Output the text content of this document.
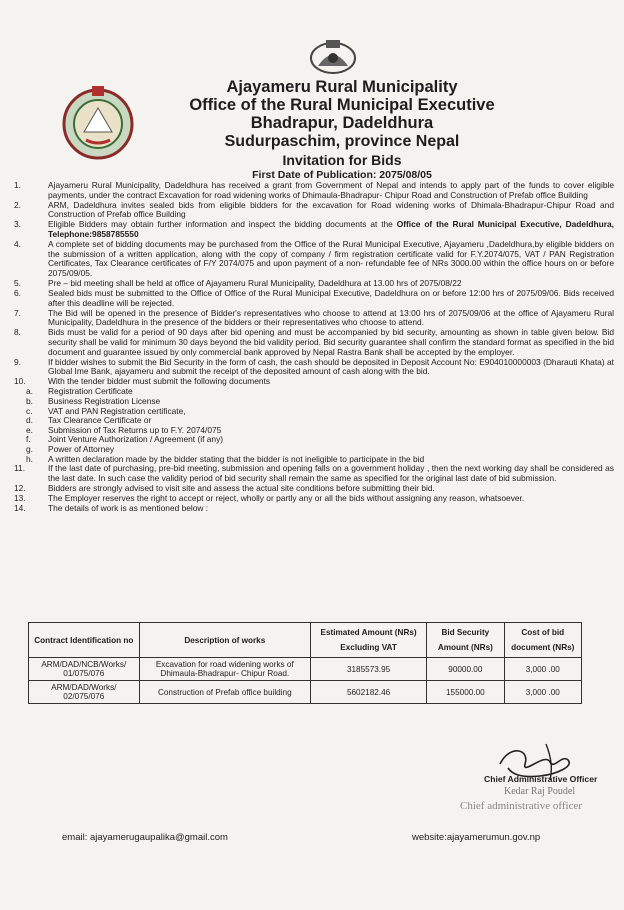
Ajayameru Rural Municipality
Office of the Rural Municipal Executive
Bhadrapur, Dadeldhura
Sudurpaschim, province Nepal
Invitation for Bids
First Date of Publication: 2075/08/05
1.	Ajayameru Rural Municipality, Dadeldhura has received a grant from Government of Nepal and intends to apply part of the funds to cover eligible payments, under the contract Excavation for road widening works of Dhimaula-Bhadrapur- Chipur Road and Construction of Prefab office Building
2.	ARM, Dadeldhura invites sealed bids from eligible bidders for the excavation for Road widening works of Dhimala-Bhadrapur-Chipur Road and Construction of Prefab office Building
3.	Eligible Bidders may obtain further information and inspect the bidding documents at the Office of the Rural Municipal Executive, Dadeldhura, Telephone:9858785550
4.	A complete set of bidding documents may be purchased from the Office of the Rural Municipal Executive, Ajayameru ,Dadeldhura,by eligible bidders on the submission of a written application, along with the copy of company / firm registration certificate valid for F.Y.2074/075, VAT / PAN Registration Certificates, Tax Clearance certificates of F/Y 2074/075 and upon payment of a non- refundable fee of NRs 3000.00 within the office hours on or before 2075/09/05.
5.	Pre – bid meeting shall be held at office of Ajayameru Rural Municipality, Dadeldhura at 13.00 hrs of 2075/08/22
6.	Sealed bids must be submitted to the Office of Office of the Rural Municipal Executive, Dadeldhura on or before 12:00 hrs of 2075/09/06. Bids received after this deadline will be rejected.
7.	The Bid will be opened in the presence of Bidder's representatives who choose to attend at 13:00 hrs of 2075/09/06 at the office of Ajayameru Rural Municipality, Dadeldhura in the presence of the bidders or their representatives who choose to attend.
8.	Bids must be valid for a period of 90 days after bid opening and must be accompanied by bid security, amounting as shown in table given below. Bid security shall be valid for minimum 30 days beyond the bid validity period. Bid security guarantee shall confirm the standard format as specified in the bid document and guarantee issued by only commercial bank approved by Nepal Rastra Bank shall be accepted by the employer.
9.	If bidder wishes to submit the Bid Security in the form of cash, the cash should be deposited in Deposit Account No: E904010000003 (Dharauti Khata) at Global Ime Bank, ajayameru and submit the receipt of the deposited amount of cash along with the bid.
10.	With the tender bidder must submit the following documents
a. Registration Certificate
b. Business Registration License
c. VAT and PAN Registration certificate,
d. Tax Clearance Certificate or
e. Submission of Tax Returns up to F.Y. 2074/075
f. Joint Venture Authorization / Agreement (if any)
g. Power of Attorney
h. A written declaration made by the bidder stating that the bidder is not ineligible to participate in the bid
11.	If the last date of purchasing, pre-bid meeting, submission and opening falls on a government holiday , then the next working day shall be considered as the last date. In such case the validity period of bid security shall remain the same as specified for the original last date of bid submission.
12.	Bidders are strongly advised to visit site and assess the actual site conditions before submitting their bid.
13.	The Employer reserves the right to accept or reject, wholly or partly any or all the bids without assigning any reason, whatsoever.
14.	The details of work is as mentioned below :
Contract Identification no	Description of works	Estimated Amount (NRs) Excluding VAT	Bid Security Amount (NRs)	Cost of bid document (NRs)
ARM/DAD/NCB/Works/ 01/075/076	Excavation for road widening works of Dhimaula-Bhadrapur- Chipur Road.	3185573.95	90000.00	3,000 .00
ARM/DAD/Works/ 02/075/076	Construction of Prefab office building	5602182.46	155000.00	3,000 .00
Chief Administrative Officer
Kedar Raj Poudel
Chief administrative officer
email: ajayamerugaupalika@gmail.com	website:ajayamerumun.gov.np
